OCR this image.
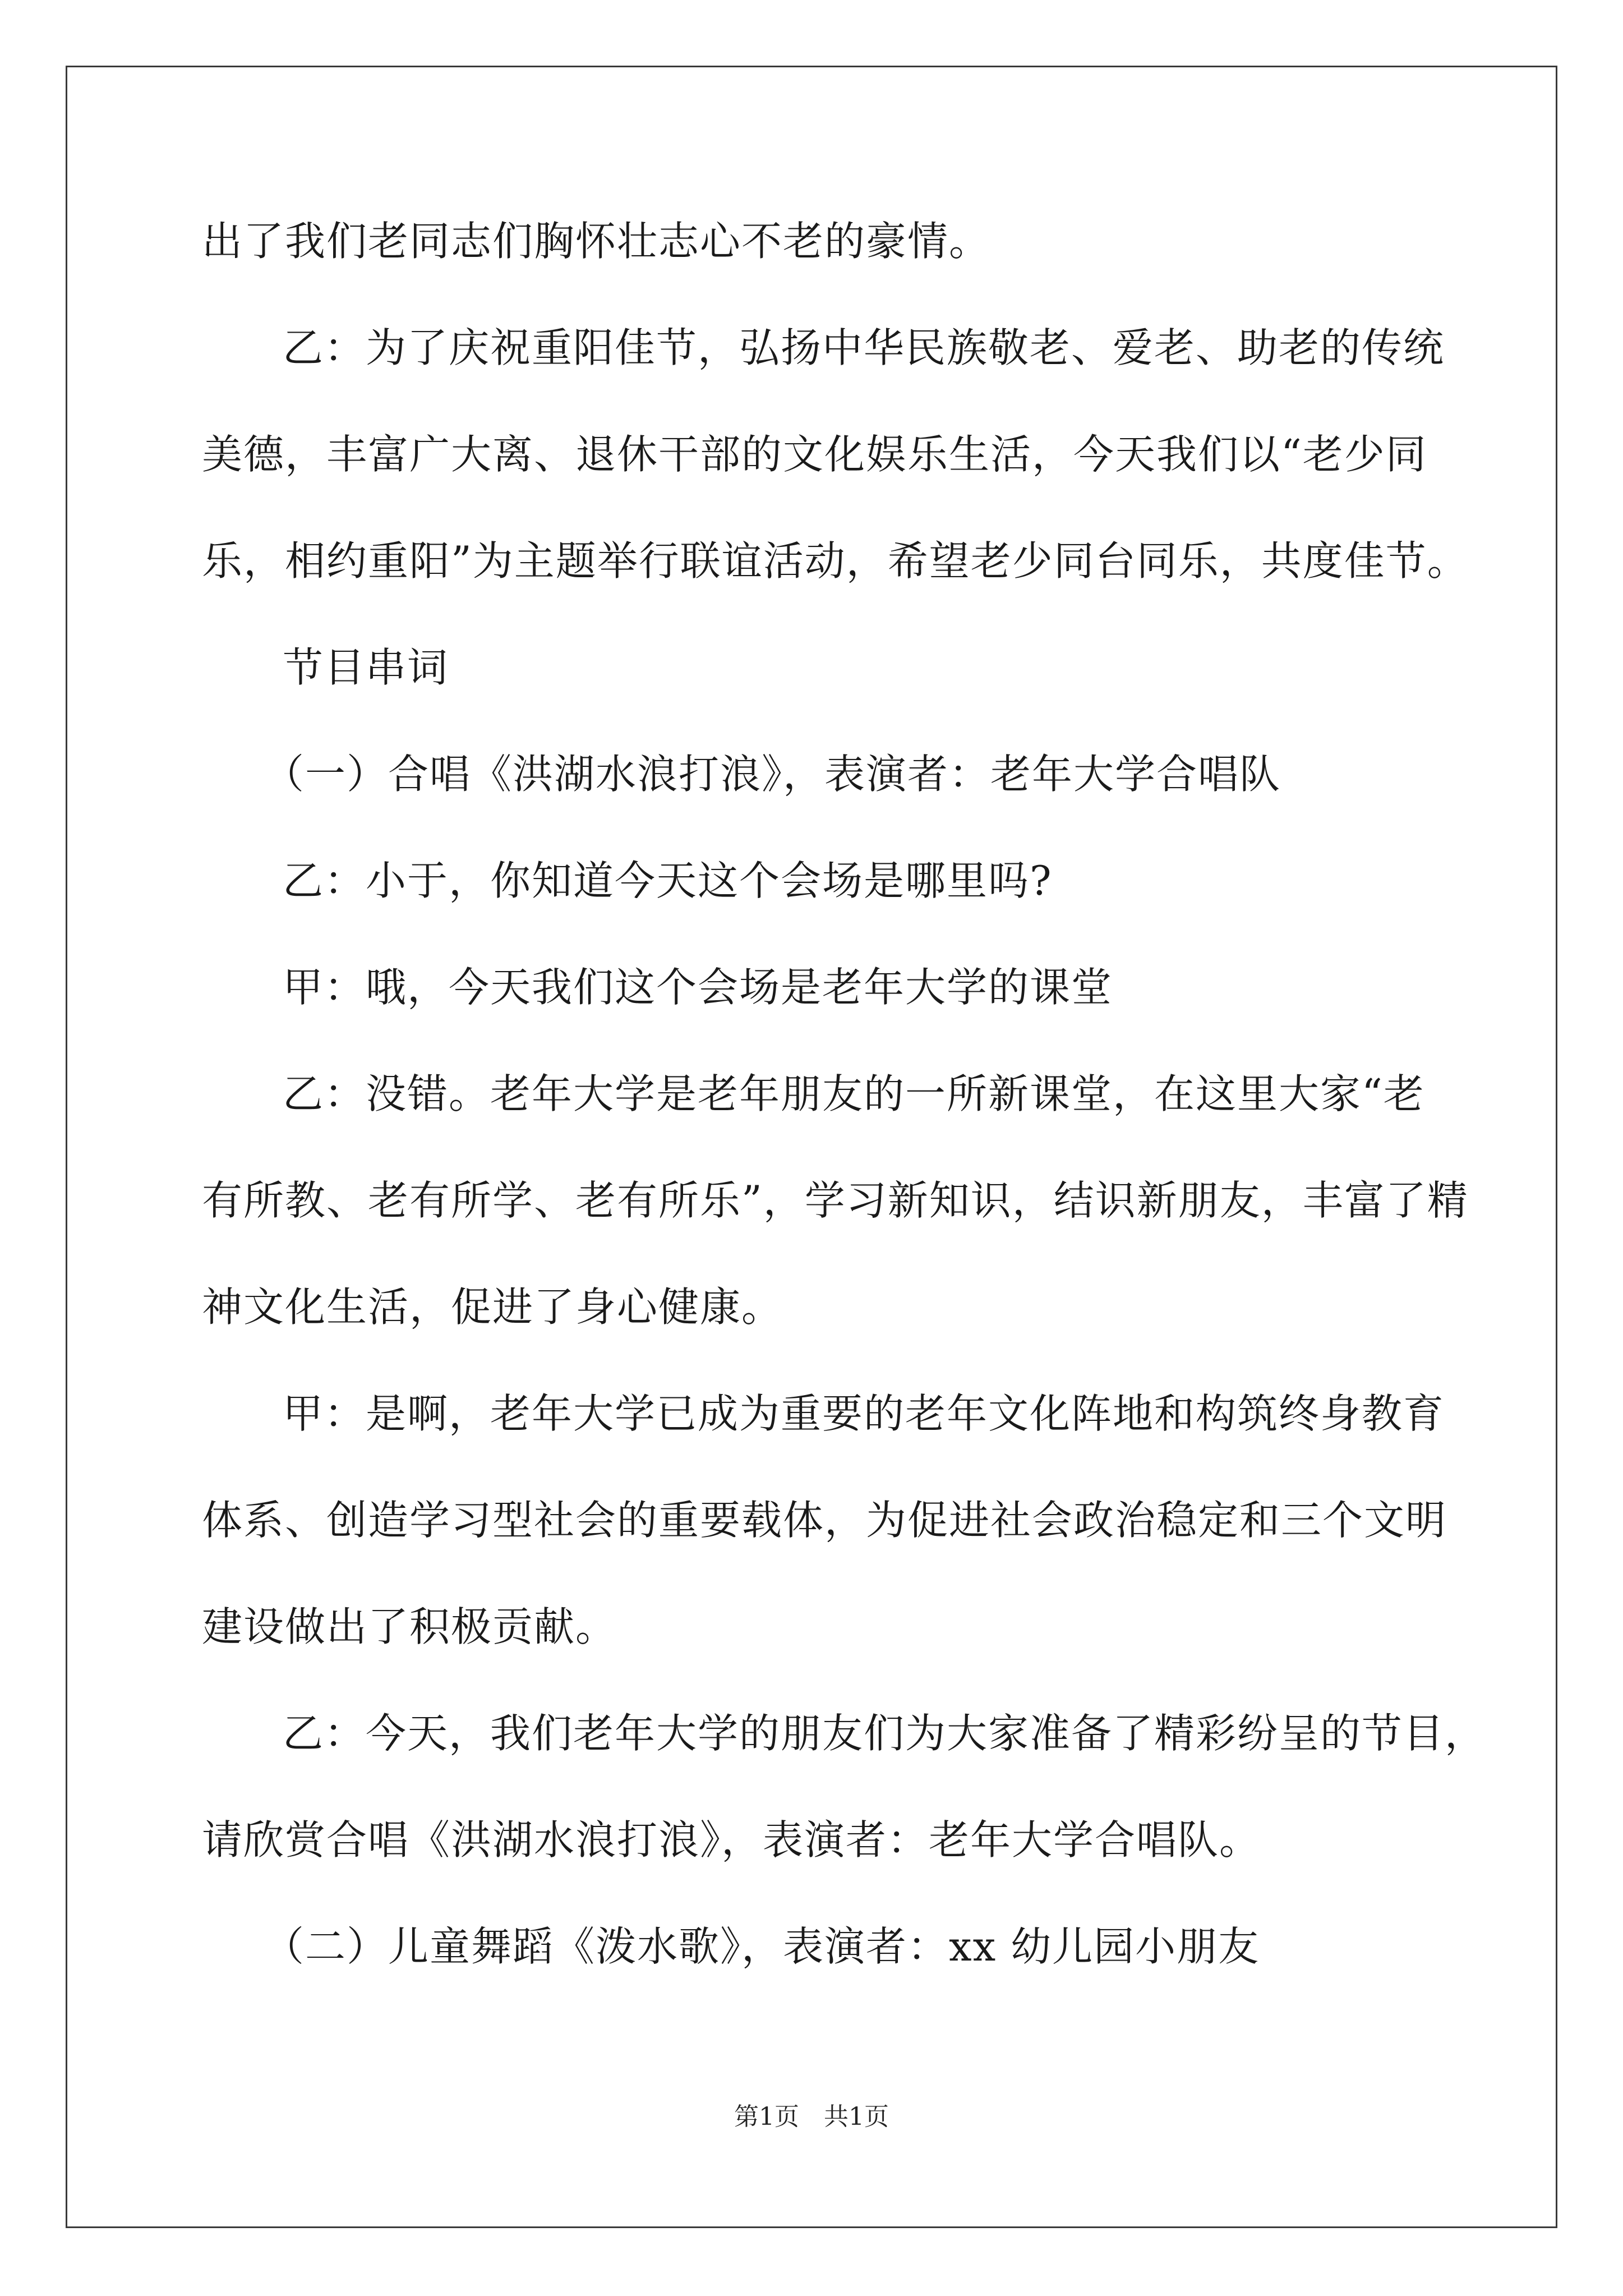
出了我们老同志们胸怀壮志心不老的豪情。
乙：为了庆祝重阳佳节，弘扬中华民族敬老、爱老、助老的传统
美德，丰富广大离、退休干部的文化娱乐生活，今天我们以“老少同
乐，相约重阳”为主题举行联谊活动，希望老少同台同乐，共度佳节。
节目串词
（一）合唱《洪湖水浪打浪》，表演者：老年大学合唱队
乙：小于，你知道今天这个会场是哪里吗?
甲：哦，今天我们这个会场是老年大学的课堂
乙：没错。老年大学是老年朋友的一所新课堂，在这里大家“老
有所教、老有所学、老有所乐”，学习新知识，结识新朋友，丰富了精
神文化生活，促进了身心健康。
甲：是啊，老年大学已成为重要的老年文化阵地和构筑终身教育
体系、创造学习型社会的重要载体，为促进社会政治稳定和三个文明
建设做出了积极贡献。
乙：今天，我们老年大学的朋友们为大家准备了精彩纷呈的节目，
请欣赏合唱《洪湖水浪打浪》，表演者：老年大学合唱队。
（二）儿童舞蹈《泼水歌》，表演者：xx 幼儿园小朋友
第1页　共1页
